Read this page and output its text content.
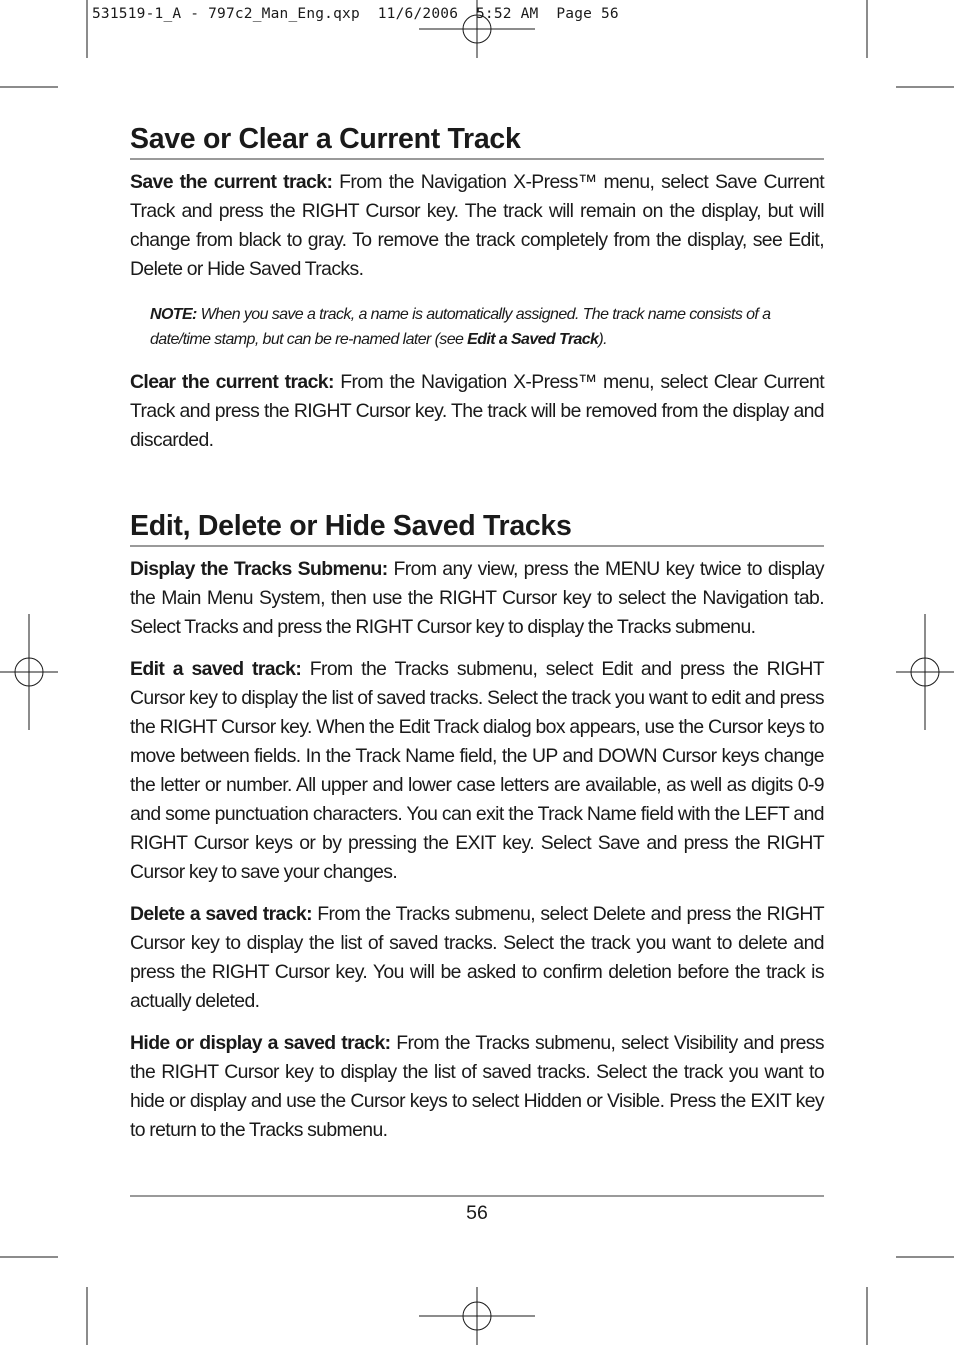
531519-1_A - 797c2_Man_Eng.qxp  11/6/2006  5:52 AM  Page 56
Save or Clear a Current Track

Save the current track: From the Navigation X-Press™ menu, select Save Current Track and press the RIGHT Cursor key. The track will remain on the display, but will change from black to gray. To remove the track completely from the display, see Edit, Delete or Hide Saved Tracks.

NOTE: When you save a track, a name is automatically assigned. The track name consists of a date/time stamp, but can be re-named later (see Edit a Saved Track).

Clear the current track: From the Navigation X-Press™ menu, select Clear Current Track and press the RIGHT Cursor key. The track will be removed from the display and discarded.

Edit, Delete or Hide Saved Tracks

Display the Tracks Submenu: From any view, press the MENU key twice to display the Main Menu System, then use the RIGHT Cursor key to select the Navigation tab. Select Tracks and press the RIGHT Cursor key to display the Tracks submenu.

Edit a saved track: From the Tracks submenu, select Edit and press the RIGHT Cursor key to display the list of saved tracks. Select the track you want to edit and press the RIGHT Cursor key. When the Edit Track dialog box appears, use the Cursor keys to move between fields. In the Track Name field, the UP and DOWN Cursor keys change the letter or number. All upper and lower case letters are available, as well as digits 0-9 and some punctuation characters. You can exit the Track Name field with the LEFT and RIGHT Cursor keys or by pressing the EXIT key. Select Save and press the RIGHT Cursor key to save your changes.

Delete a saved track: From the Tracks submenu, select Delete and press the RIGHT Cursor key to display the list of saved tracks. Select the track you want to delete and press the RIGHT Cursor key. You will be asked to confirm deletion before the track is actually deleted.

Hide or display a saved track: From the Tracks submenu, select Visibility and press the RIGHT Cursor key to display the list of saved tracks. Select the track you want to hide or display and use the Cursor keys to select Hidden or Visible. Press the EXIT key to return to the Tracks submenu.

56
